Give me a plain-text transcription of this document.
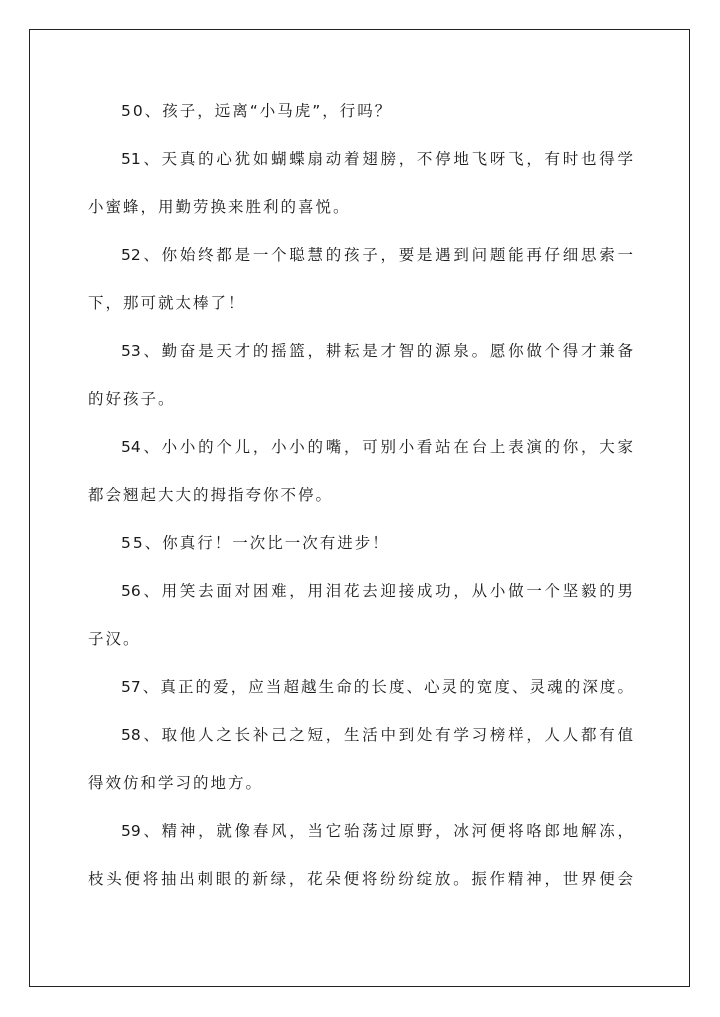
50、孩子，远离“小马虎”，行吗？
51、天真的心犹如蝴蝶扇动着翅膀，不停地飞呀飞，有时也得学
小蜜蜂，用勤劳换来胜利的喜悦。
52、你始终都是一个聪慧的孩子，要是遇到问题能再仔细思索一
下，那可就太棒了！
53、勤奋是天才的摇篮，耕耘是才智的源泉。愿你做个得才兼备
的好孩子。
54、小小的个儿，小小的嘴，可别小看站在台上表演的你，大家
都会翘起大大的拇指夸你不停。
55、你真行！一次比一次有进步！
56、用笑去面对困难，用泪花去迎接成功，从小做一个坚毅的男
子汉。
57、真正的爱，应当超越生命的长度、心灵的宽度、灵魂的深度。
58、取他人之长补己之短，生活中到处有学习榜样，人人都有值
得效仿和学习的地方。
59、精神，就像春风，当它骀荡过原野，冰河便将咯郎地解冻，
枝头便将抽出刺眼的新绿，花朵便将纷纷绽放。振作精神，世界便会
